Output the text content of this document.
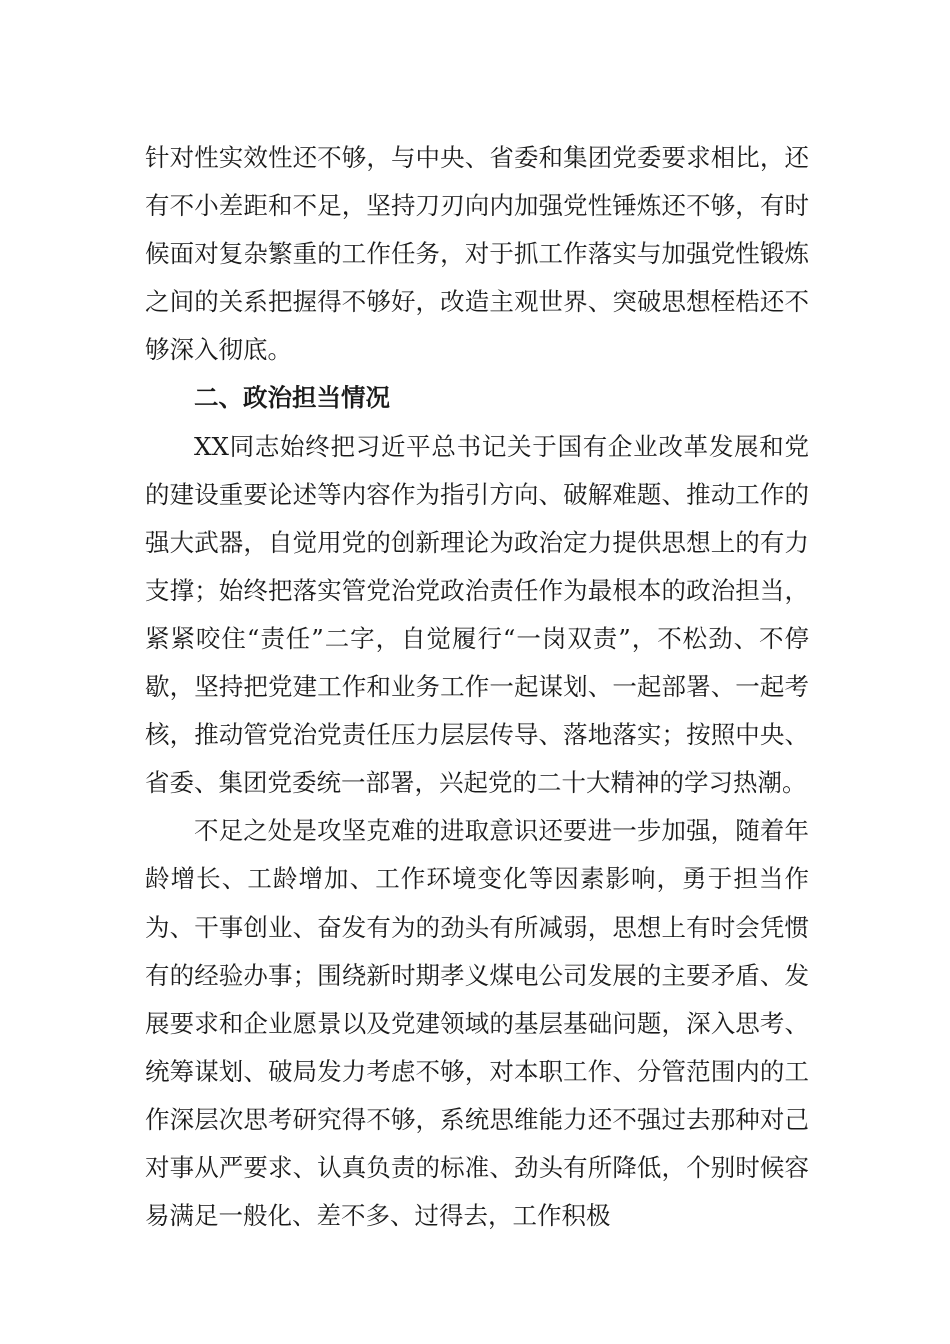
针对性实效性还不够，与中央、省委和集团党委要求相比，还有不小差距和不足，坚持刀刃向内加强党性锤炼还不够，有时候面对复杂繁重的工作任务，对于抓工作落实与加强党性锻炼之间的关系把握得不够好，改造主观世界、突破思想桎梏还不够深入彻底。

二、政治担当情况

XX同志始终把习近平总书记关于国有企业改革发展和党的建设重要论述等内容作为指引方向、破解难题、推动工作的强大武器，自觉用党的创新理论为政治定力提供思想上的有力支撑；始终把落实管党治党政治责任作为最根本的政治担当，紧紧咬住“责任”二字，自觉履行“一岗双责”，不松劲、不停歇，坚持把党建工作和业务工作一起谋划、一起部署、一起考核，推动管党治党责任压力层层传导、落地落实；按照中央、省委、集团党委统一部署，兴起党的二十大精神的学习热潮。

不足之处是攻坚克难的进取意识还要进一步加强，随着年龄增长、工龄增加、工作环境变化等因素影响，勇于担当作为、干事创业、奋发有为的劲头有所减弱，思想上有时会凭惯有的经验办事；围绕新时期孝义煤电公司发展的主要矛盾、发展要求和企业愿景以及党建领域的基层基础问题，深入思考、统筹谋划、破局发力考虑不够，对本职工作、分管范围内的工作深层次思考研究得不够，系统思维能力还不强过去那种对己对事从严要求、认真负责的标准、劲头有所降低，个别时候容易满足一般化、差不多、过得去，工作积极
